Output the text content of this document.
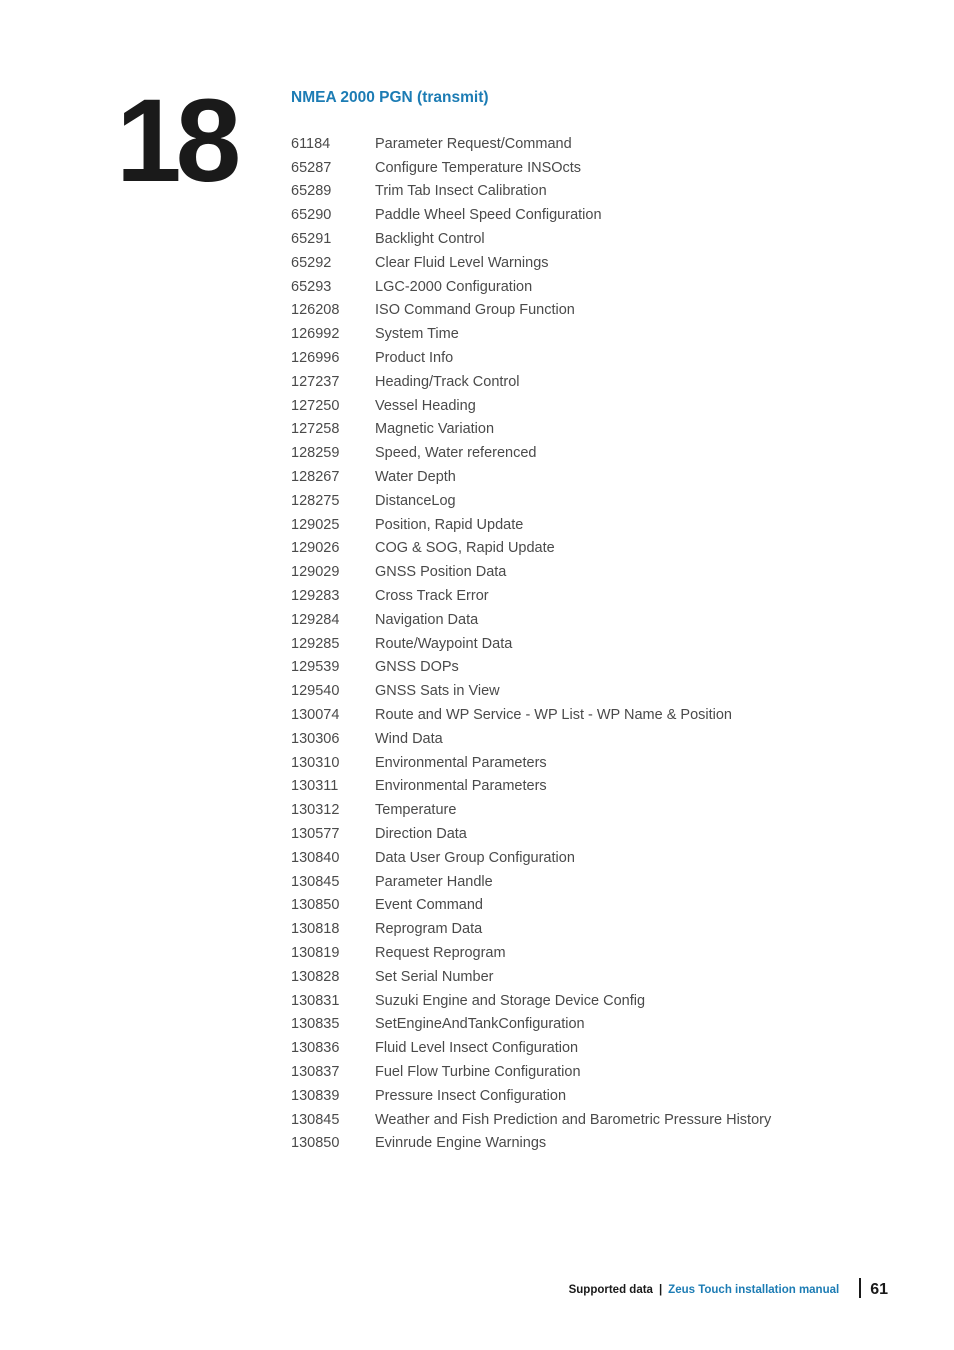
18	NMEA 2000 PGN (transmit)
61184	Parameter Request/Command
65287	Configure Temperature INSOcts
65289	Trim Tab Insect Calibration
65290	Paddle Wheel Speed Configuration
65291	Backlight Control
65292	Clear Fluid Level Warnings
65293	LGC-2000 Configuration
126208	ISO Command Group Function
126992	System Time
126996	Product Info
127237	Heading/Track Control
127250	Vessel Heading
127258	Magnetic Variation
128259	Speed, Water referenced
128267	Water Depth
128275	DistanceLog
129025	Position, Rapid Update
129026	COG & SOG, Rapid Update
129029	GNSS Position Data
129283	Cross Track Error
129284	Navigation Data
129285	Route/Waypoint Data
129539	GNSS DOPs
129540	GNSS Sats in View
130074	Route and WP Service - WP List - WP Name & Position
130306	Wind Data
130310	Environmental Parameters
130311	Environmental Parameters
130312	Temperature
130577	Direction Data
130840	Data User Group Configuration
130845	Parameter Handle
130850	Event Command
130818	Reprogram Data
130819	Request Reprogram
130828	Set Serial Number
130831	Suzuki Engine and Storage Device Config
130835	SetEngineAndTankConfiguration
130836	Fluid Level Insect Configuration
130837	Fuel Flow Turbine Configuration
130839	Pressure Insect Configuration
130845	Weather and Fish Prediction and Barometric Pressure History
130850	Evinrude Engine Warnings
Supported data | Zeus Touch installation manual 61
